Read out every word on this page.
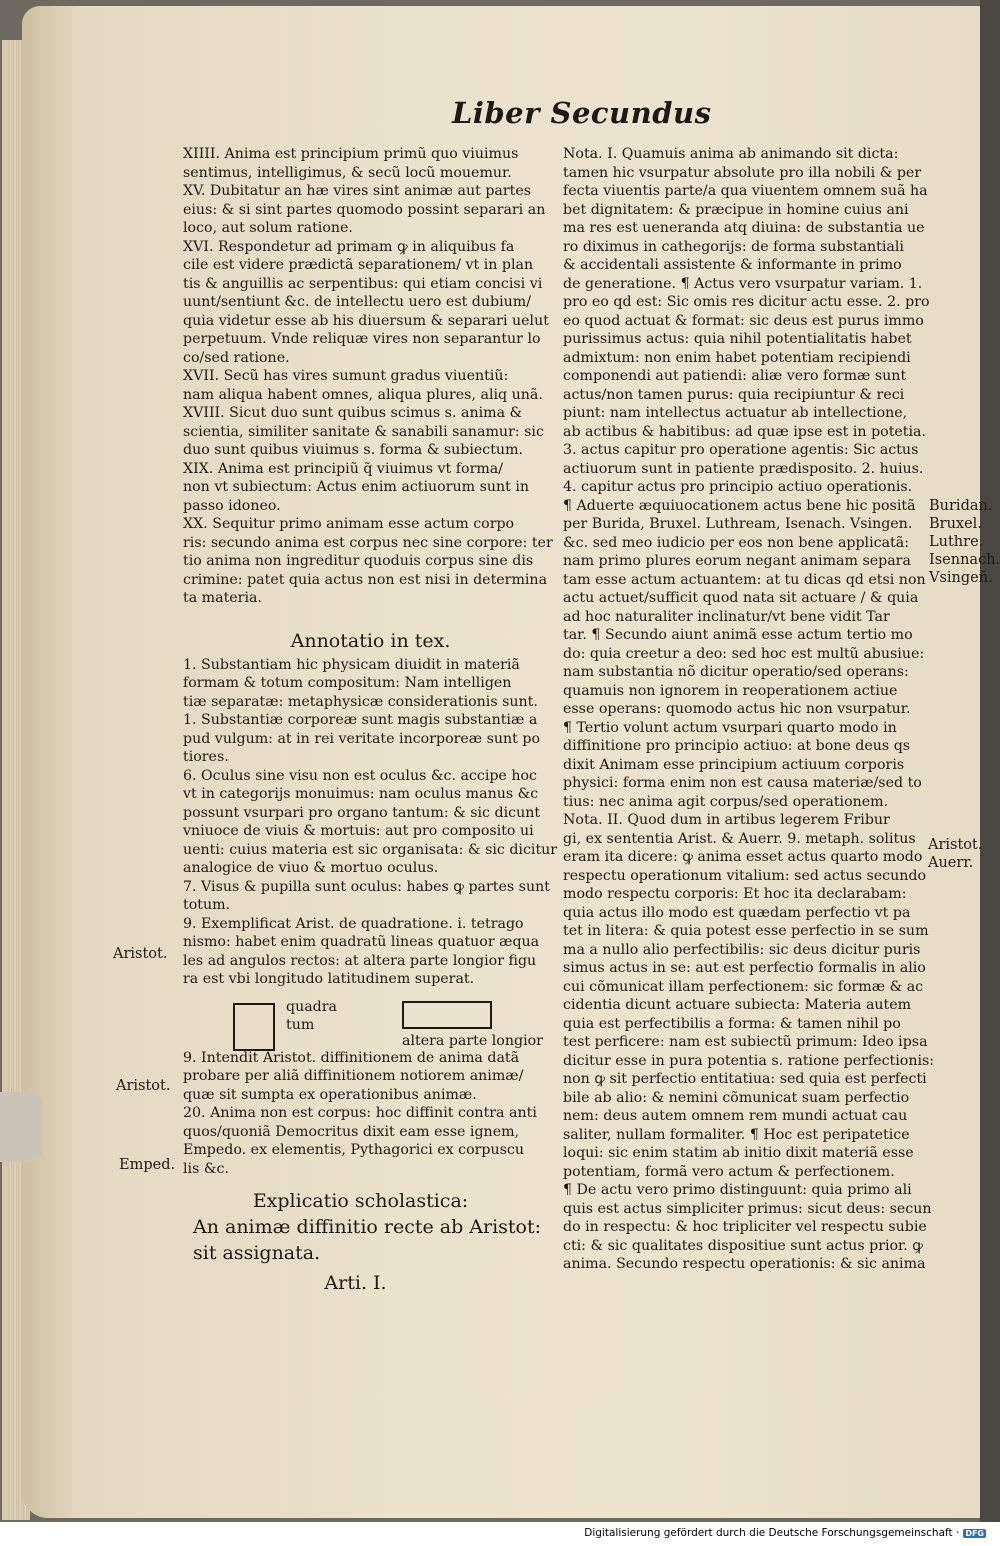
Liber Secundus

XIIII. Anima est principium primũ quo viuimus

sentimus, intelligimus, & secũ locũ mouemur.

XV. Dubitatur an hæ vires sint animæ aut partes

eius: & si sint partes quomodo possint separari an

loco, aut solum ratione.

XVI. Respondetur ad primam ꝙ in aliquibus fa

cile est videre prædictã separationem/ vt in plan

tis & anguillis ac serpentibus: qui etiam concisi vi

uunt/sentiunt &c. de intellectu uero est dubium/

quia videtur esse ab his diuersum & separari uelut

perpetuum. Vnde reliquæ vires non separantur lo

co/sed ratione.

XVII. Secũ has vires sumunt gradus viuentiũ:

nam aliqua habent omnes, aliqua plures, aliq unã.

XVIII. Sicut duo sunt quibus scimus s. anima &

scientia, similiter sanitate & sanabili sanamur: sic

duo sunt quibus viuimus s. forma & subiectum.

XIX. Anima est principiũ q̃ viuimus vt forma/

non vt subiectum: Actus enim actiuorum sunt in

passo idoneo.

XX. Sequitur primo animam esse actum corpo

ris: secundo anima est corpus nec sine corpore: ter

tio anima non ingreditur quoduis corpus sine dis

crimine: patet quia actus non est nisi in determina

ta materia.

Annotatio in tex.

1. Substantiam hic physicam diuidit in materiã

formam & totum compositum: Nam intelligen

tiæ separatæ: metaphysicæ considerationis sunt.

1. Substantiæ corporeæ sunt magis substantiæ a

pud vulgum: at in rei veritate incorporeæ sunt po

tiores.

6. Oculus sine visu non est oculus &c. accipe hoc

vt in categorijs monuimus: nam oculus manus &c

possunt vsurpari pro organo tantum: & sic dicunt

vniuoce de viuis & mortuis: aut pro composito ui

uenti: cuius materia est sic organisata: & sic dicitur

analogice de viuo & mortuo oculus.

7. Visus & pupilla sunt oculus: habes ꝙ partes sunt

totum.

9. Exemplificat Arist. de quadratione. i. tetrago

nismo: habet enim quadratũ lineas quatuor æqua

les ad angulos rectos: at altera parte longior figu

ra est vbi longitudo latitudinem superat.

9. Intendit Aristot. diffinitionem de anima datã

probare per aliã diffinitionem notiorem animæ/

quæ sit sumpta ex operationibus animæ.

20. Anima non est corpus: hoc diffinit contra anti

quos/quoniã Democritus dixit eam esse ignem,

Empedo. ex elementis, Pythagorici ex corpuscu

lis &c.

Explicatio scholastica:

An animæ diffinitio recte ab Aristot:

sit assignata.

Arti. I.

quadra
tum
altera parte longior

Nota. I. Quamuis anima ab animando sit dicta:

tamen hic vsurpatur absolute pro illa nobili & per

fecta viuentis parte/a qua viuentem omnem suã ha

bet dignitatem: & præcipue in homine cuius ani

ma res est ueneranda atq diuina: de substantia ue

ro diximus in cathegorijs: de forma substantiali

& accidentali assistente & informante in primo

de generatione. ¶ Actus vero vsurpatur variam. 1.

pro eo qd est: Sic omis res dicitur actu esse. 2. pro

eo quod actuat & format: sic deus est purus immo

purissimus actus: quia nihil potentialitatis habet

admixtum: non enim habet potentiam recipiendi

componendi aut patiendi: aliæ vero formæ sunt

actus/non tamen purus: quia recipiuntur & reci

piunt: nam intellectus actuatur ab intellectione,

ab actibus & habitibus: ad quæ ipse est in potetia.

3. actus capitur pro operatione agentis: Sic actus

actiuorum sunt in patiente prædisposito. 2. huius.

4. capitur actus pro principio actiuo operationis.

¶ Aduerte æquiuocationem actus bene hic positã

per Burida, Bruxel. Luthream, Isenach. Vsingen.

&c. sed meo iudicio per eos non bene applicatã:

nam primo plures eorum negant animam separa

tam esse actum actuantem: at tu dicas qd etsi non

actu actuet/sufficit quod nata sit actuare / & quia

ad hoc naturaliter inclinatur/vt bene vidit Tar

tar. ¶ Secundo aiunt animã esse actum tertio mo

do: quia creetur a deo: sed hoc est multũ abusiue:

nam substantia nõ dicitur operatio/sed operans:

quamuis non ignorem in reoperationem actiue

esse operans: quomodo actus hic non vsurpatur.

¶ Tertio volunt actum vsurpari quarto modo in

diffinitione pro principio actiuo: at bone deus qs

dixit Animam esse principium actiuum corporis

physici: forma enim non est causa materiæ/sed to

tius: nec anima agit corpus/sed operationem.

Nota. II. Quod dum in artibus legerem Fribur

gi, ex sententia Arist. & Auerr. 9. metaph. solitus

eram ita dicere: ꝙ anima esset actus quarto modo

respectu operationum vitalium: sed actus secundo

modo respectu corporis: Et hoc ita declarabam:

quia actus illo modo est quædam perfectio vt pa

tet in litera: & quia potest esse perfectio in se sum

ma a nullo alio perfectibilis: sic deus dicitur puris

simus actus in se: aut est perfectio formalis in alio

cui cõmunicat illam perfectionem: sic formæ & ac

cidentia dicunt actuare subiecta: Materia autem

quia est perfectibilis a forma: & tamen nihil po

test perficere: nam est subiectũ primum: Ideo ipsa

dicitur esse in pura potentia s. ratione perfectionis:

non ꝙ sit perfectio entitatiua: sed quia est perfecti

bile ab alio: & nemini cõmunicat suam perfectio

nem: deus autem omnem rem mundi actuat cau

saliter, nullam formaliter. ¶ Hoc est peripatetice

loqui: sic enim statim ab initio dixit materiã esse

potentiam, formã vero actum & perfectionem.

¶ De actu vero primo distinguunt: quia primo ali

quis est actus simpliciter primus: sicut deus: secun

do in respectu: & hoc tripliciter vel respectu subie

cti: & sic qualitates dispositiue sunt actus prior. ꝙ

anima. Secundo respectu operationis: & sic anima

Aristot.
Aristot.
Emped.
Buridan.
Bruxel.
Luthre.
Isennach.
Vsingeñ.
Aristot.
Auerr.
Digitalisierung gefördert durch die Deutsche Forschungsgemeinschaft · DFG
